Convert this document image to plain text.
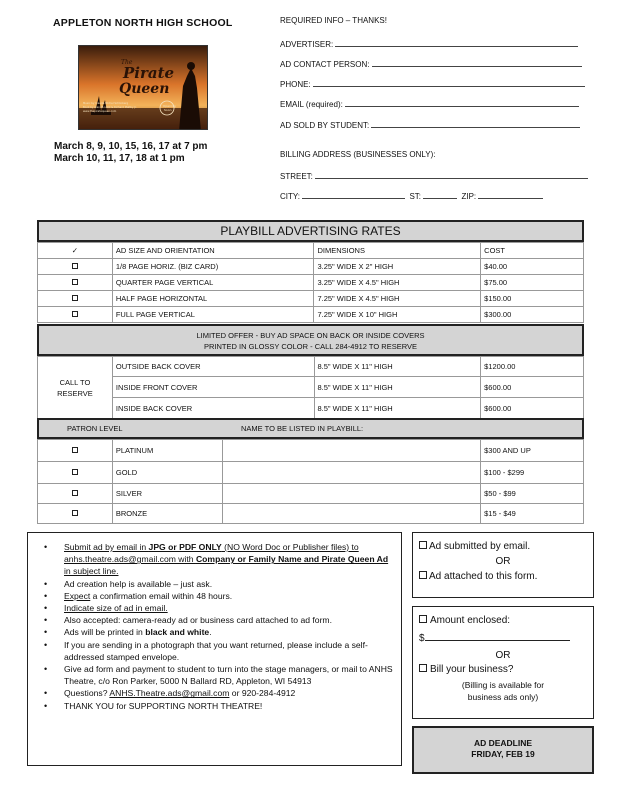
APPLETON NORTH HIGH SCHOOL
The
Pirate
Queen
Music by Claude-Michel Schönberg
Book by Alain Boublil & Richard Maltby Jr.
www.thepiratequeen.com
Opening
Soon
March 8, 9, 10, 15, 16, 17 at 7 pm
March 10, 11, 17, 18 at 1 pm
REQUIRED INFO – THANKS!
ADVERTISER:
AD CONTACT PERSON:
PHONE:
EMAIL (required):
AD SOLD BY STUDENT:
BILLING ADDRESS (BUSINESSES ONLY):
STREET:
CITY:	ST:	ZIP:
PLAYBILL ADVERTISING RATES
✓	AD SIZE AND ORIENTATION	DIMENSIONS	COST
	1/8 PAGE HORIZ. (BIZ CARD)	3.25" WIDE X 2" HIGH	$40.00
	QUARTER PAGE VERTICAL	3.25" WIDE X 4.5" HIGH	$75.00
	HALF PAGE HORIZONTAL	7.25" WIDE X 4.5" HIGH	$150.00
	FULL PAGE VERTICAL	7.25" WIDE X 10" HIGH	$300.00
LIMITED OFFER - BUY AD SPACE ON BACK OR INSIDE COVERS
PRINTED IN GLOSSY COLOR - CALL 284-4912 TO RESERVE
CALL TO
RESERVE	OUTSIDE BACK COVER	8.5" WIDE X 11" HIGH	$1200.00
	INSIDE FRONT COVER	8.5" WIDE X 11" HIGH	$600.00
	INSIDE BACK COVER	8.5" WIDE X 11" HIGH	$600.00
PATRON LEVEL	NAME TO BE LISTED IN PLAYBILL:
	PLATINUM		$300 AND UP
	GOLD		$100 - $299
	SILVER		$50 - $99
	BRONZE		$15 - $49
• Submit ad by email in JPG or PDF ONLY (NO Word Doc or Publisher files) to anhs.theatre.ads@gmail.com with Company or Family Name and Pirate Queen Ad in subject line.
• Ad creation help is available – just ask.
• Expect a confirmation email within 48 hours.
• Indicate size of ad in email.
• Also accepted: camera-ready ad or business card attached to ad form.
• Ads will be printed in black and white.
• If you are sending in a photograph that you want returned, please include a self-addressed stamped envelope.
• Give ad form and payment to student to turn into the stage managers, or mail to ANHS Theatre, c/o Ron Parker, 5000 N Ballard RD, Appleton, WI 54913
• Questions? ANHS.Theatre.ads@gmail.com or 920-284-4912
• THANK YOU for SUPPORTING NORTH THEATRE!
Ad submitted by email.
OR
Ad attached to this form.
Amount enclosed:
$
OR
Bill your business?
(Billing is available for
business ads only)
AD DEADLINE
FRIDAY, FEB 19
